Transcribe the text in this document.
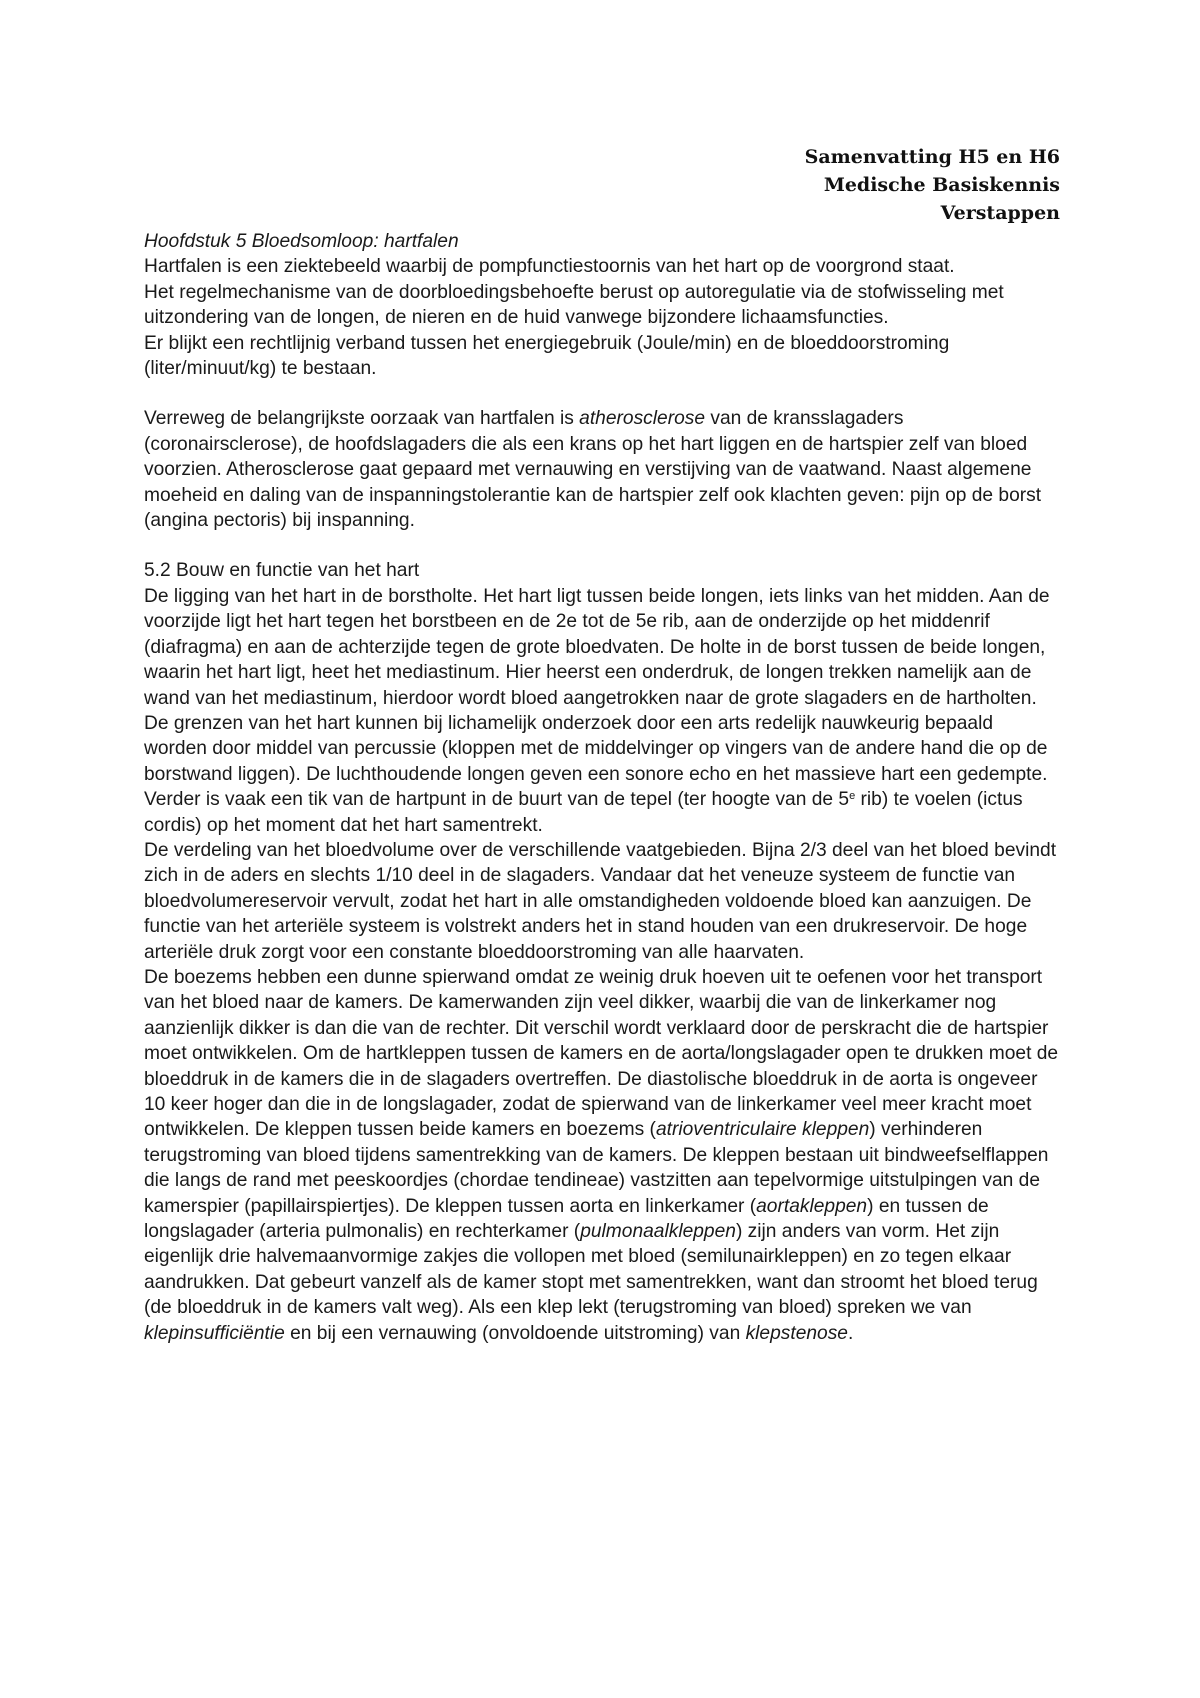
Samenvatting H5 en H6
Medische Basiskennis
Verstappen

Hoofdstuk 5 Bloedsomloop: hartfalen

Hartfalen is een ziektebeeld waarbij de pompfunctiestoornis van het hart op de voorgrond staat.

Het regelmechanisme van de doorbloedingsbehoefte berust op autoregulatie via de stofwisseling met uitzondering van de longen, de nieren en de huid vanwege bijzondere lichaamsfuncties.

Er blijkt een rechtlijnig verband tussen het energiegebruik (Joule/min) en de bloeddoorstroming (liter/minuut/kg) te bestaan.

Verreweg de belangrijkste oorzaak van hartfalen is atherosclerose van de kransslagaders (coronairsclerose), de hoofdslagaders die als een krans op het hart liggen en de hartspier zelf van bloed voorzien. Atherosclerose gaat gepaard met vernauwing en verstijving van de vaatwand. Naast algemene moeheid en daling van de inspanningstolerantie kan de hartspier zelf ook klachten geven: pijn op de borst (angina pectoris) bij inspanning.

5.2 Bouw en functie van het hart

De ligging van het hart in de borstholte. Het hart ligt tussen beide longen, iets links van het midden. Aan de voorzijde ligt het hart tegen het borstbeen en de 2e tot de 5e rib, aan de onderzijde op het middenrif (diafragma) en aan de achterzijde tegen de grote bloedvaten. De holte in de borst tussen de beide longen, waarin het hart ligt, heet het mediastinum. Hier heerst een onderdruk, de longen trekken namelijk aan de wand van het mediastinum, hierdoor wordt bloed aangetrokken naar de grote slagaders en de hartholten.

De grenzen van het hart kunnen bij lichamelijk onderzoek door een arts redelijk nauwkeurig bepaald worden door middel van percussie (kloppen met de middelvinger op vingers van de andere hand die op de borstwand liggen). De luchthoudende longen geven een sonore echo en het massieve hart een gedempte. Verder is vaak een tik van de hartpunt in de buurt van de tepel (ter hoogte van de 5e rib) te voelen (ictus cordis) op het moment dat het hart samentrekt.

De verdeling van het bloedvolume over de verschillende vaatgebieden. Bijna 2/3 deel van het bloed bevindt zich in de aders en slechts 1/10 deel in de slagaders. Vandaar dat het veneuze systeem de functie van bloedvolumereservoir vervult, zodat het hart in alle omstandigheden voldoende bloed kan aanzuigen. De functie van het arteriële systeem is volstrekt anders het in stand houden van een drukreservoir. De hoge arteriële druk zorgt voor een constante bloeddoorstroming van alle haarvaten.

De boezems hebben een dunne spierwand omdat ze weinig druk hoeven uit te oefenen voor het transport van het bloed naar de kamers. De kamerwanden zijn veel dikker, waarbij die van de linkerkamer nog aanzienlijk dikker is dan die van de rechter. Dit verschil wordt verklaard door de perskracht die de hartspier moet ontwikkelen. Om de hartkleppen tussen de kamers en de aorta/longslagader open te drukken moet de bloeddruk in de kamers die in de slagaders overtreffen. De diastolische bloeddruk in de aorta is ongeveer 10 keer hoger dan die in de longslagader, zodat de spierwand van de linkerkamer veel meer kracht moet ontwikkelen. De kleppen tussen beide kamers en boezems (atrioventriculaire kleppen) verhinderen terugstroming van bloed tijdens samentrekking van de kamers. De kleppen bestaan uit bindweefselflappen die langs de rand met peeskoordjes (chordae tendineae) vastzitten aan tepelvormige uitstulpingen van de kamerspier (papillairspiertjes). De kleppen tussen aorta en linkerkamer (aortakleppen) en tussen de longslagader (arteria pulmonalis) en rechterkamer (pulmonaalkleppen) zijn anders van vorm. Het zijn eigenlijk drie halvemaanvormige zakjes die vollopen met bloed (semilunairkleppen) en zo tegen elkaar aandrukken. Dat gebeurt vanzelf als de kamer stopt met samentrekken, want dan stroomt het bloed terug (de bloeddruk in de kamers valt weg). Als een klep lekt (terugstroming van bloed) spreken we van klepinsufficiëntie en bij een vernauwing (onvoldoende uitstroming) van klepstenose.
